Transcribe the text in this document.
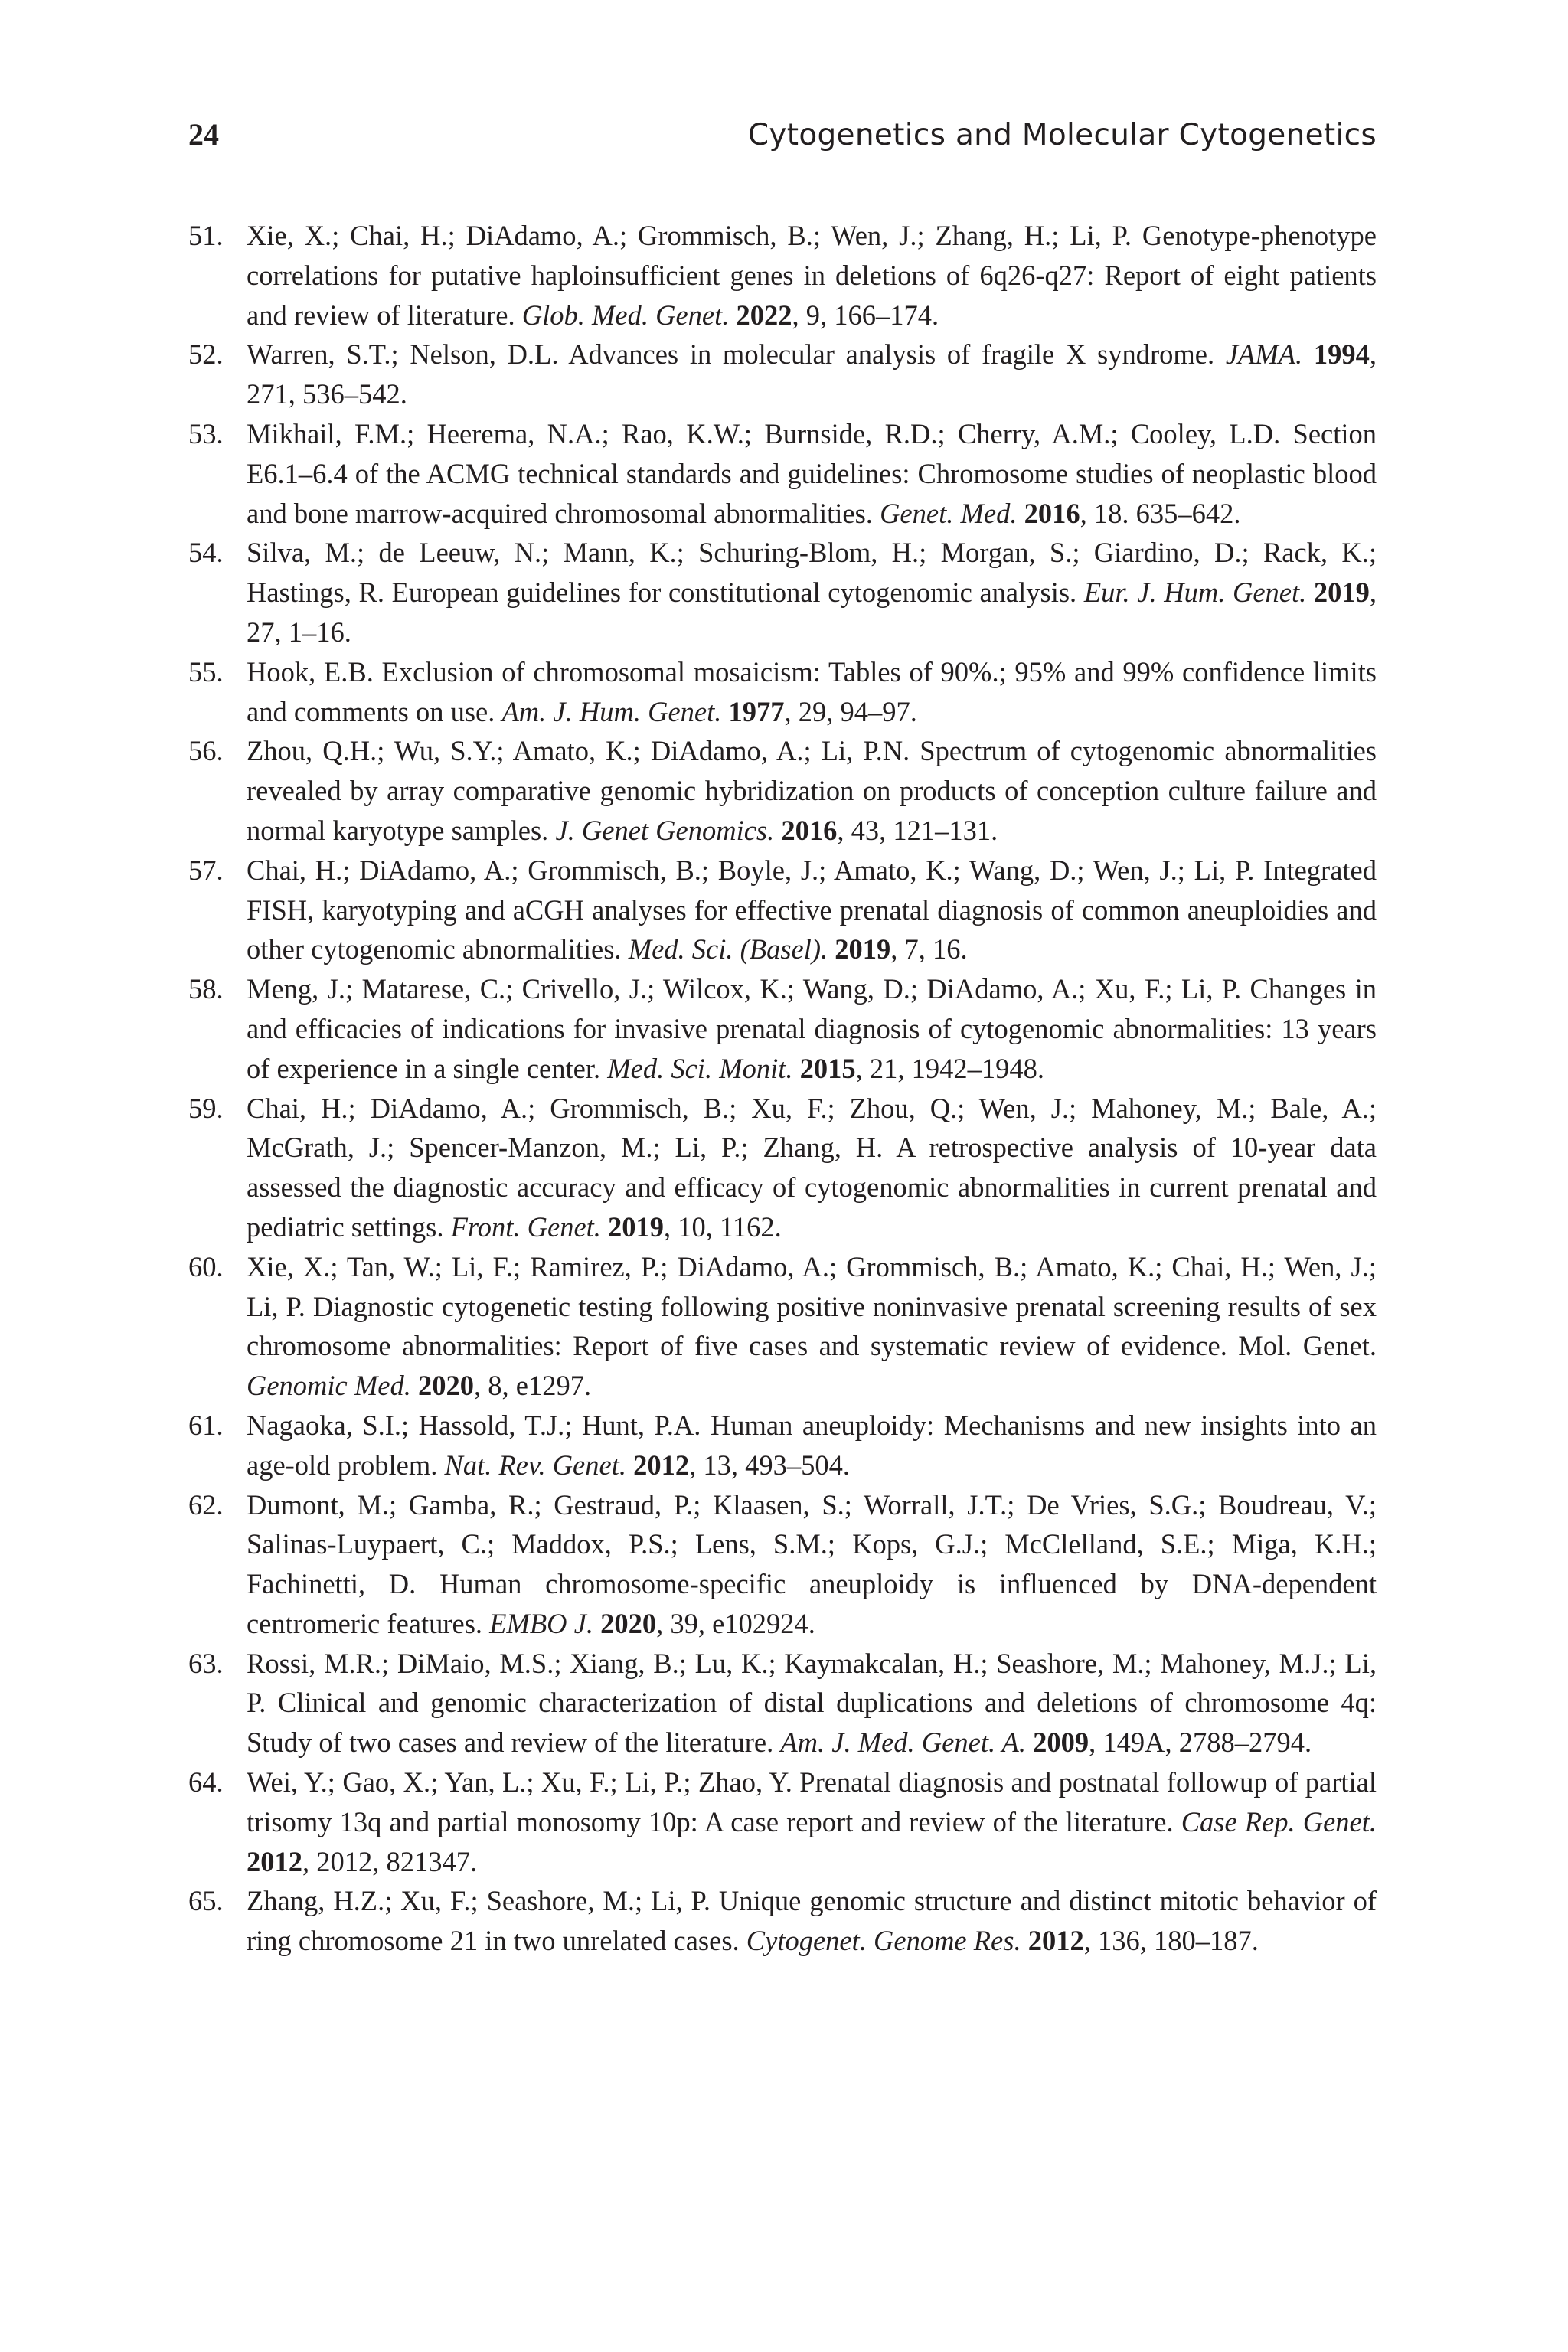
24	Cytogenetics and Molecular Cytogenetics
51. Xie, X.; Chai, H.; DiAdamo, A.; Grommisch, B.; Wen, J.; Zhang, H.; Li, P. Genotype-phenotype correlations for putative haploinsufficient genes in deletions of 6q26-q27: Report of eight patients and review of literature. Glob. Med. Genet. 2022, 9, 166–174.
52. Warren, S.T.; Nelson, D.L. Advances in molecular analysis of fragile X syndrome. JAMA. 1994, 271, 536–542.
53. Mikhail, F.M.; Heerema, N.A.; Rao, K.W.; Burnside, R.D.; Cherry, A.M.; Cooley, L.D. Section E6.1–6.4 of the ACMG technical standards and guidelines: Chromosome studies of neoplastic blood and bone marrow-acquired chromosomal abnormalities. Genet. Med. 2016, 18. 635–642.
54. Silva, M.; de Leeuw, N.; Mann, K.; Schuring-Blom, H.; Morgan, S.; Giardino, D.; Rack, K.; Hastings, R. European guidelines for constitutional cytogenomic analysis. Eur. J. Hum. Genet. 2019, 27, 1–16.
55. Hook, E.B. Exclusion of chromosomal mosaicism: Tables of 90%.; 95% and 99% confidence limits and comments on use. Am. J. Hum. Genet. 1977, 29, 94–97.
56. Zhou, Q.H.; Wu, S.Y.; Amato, K.; DiAdamo, A.; Li, P.N. Spectrum of cytogenomic abnormalities revealed by array comparative genomic hybridization on products of conception culture failure and normal karyotype samples. J. Genet Genomics. 2016, 43, 121–131.
57. Chai, H.; DiAdamo, A.; Grommisch, B.; Boyle, J.; Amato, K.; Wang, D.; Wen, J.; Li, P. Integrated FISH, karyotyping and aCGH analyses for effective prenatal diagnosis of common aneuploidies and other cytogenomic abnormalities. Med. Sci. (Basel). 2019, 7, 16.
58. Meng, J.; Matarese, C.; Crivello, J.; Wilcox, K.; Wang, D.; DiAdamo, A.; Xu, F.; Li, P. Changes in and efficacies of indications for invasive prenatal diagnosis of cytogenomic abnormalities: 13 years of experience in a single center. Med. Sci. Monit. 2015, 21, 1942–1948.
59. Chai, H.; DiAdamo, A.; Grommisch, B.; Xu, F.; Zhou, Q.; Wen, J.; Mahoney, M.; Bale, A.; McGrath, J.; Spencer-Manzon, M.; Li, P.; Zhang, H. A retrospective analysis of 10-year data assessed the diagnostic accuracy and efficacy of cytogenomic abnormalities in current prenatal and pediatric settings. Front. Genet. 2019, 10, 1162.
60. Xie, X.; Tan, W.; Li, F.; Ramirez, P.; DiAdamo, A.; Grommisch, B.; Amato, K.; Chai, H.; Wen, J.; Li, P. Diagnostic cytogenetic testing following positive noninvasive prenatal screening results of sex chromosome abnormalities: Report of five cases and systematic review of evidence. Mol. Genet. Genomic Med. 2020, 8, e1297.
61. Nagaoka, S.I.; Hassold, T.J.; Hunt, P.A. Human aneuploidy: Mechanisms and new insights into an age-old problem. Nat. Rev. Genet. 2012, 13, 493–504.
62. Dumont, M.; Gamba, R.; Gestraud, P.; Klaasen, S.; Worrall, J.T.; De Vries, S.G.; Boudreau, V.; Salinas-Luypaert, C.; Maddox, P.S.; Lens, S.M.; Kops, G.J.; McClelland, S.E.; Miga, K.H.; Fachinetti, D. Human chromosome-specific aneuploidy is influenced by DNA-dependent centromeric features. EMBO J. 2020, 39, e102924.
63. Rossi, M.R.; DiMaio, M.S.; Xiang, B.; Lu, K.; Kaymakcalan, H.; Seashore, M.; Mahoney, M.J.; Li, P. Clinical and genomic characterization of distal duplications and deletions of chromosome 4q: Study of two cases and review of the literature. Am. J. Med. Genet. A. 2009, 149A, 2788–2794.
64. Wei, Y.; Gao, X.; Yan, L.; Xu, F.; Li, P.; Zhao, Y. Prenatal diagnosis and postnatal followup of partial trisomy 13q and partial monosomy 10p: A case report and review of the literature. Case Rep. Genet. 2012, 2012, 821347.
65. Zhang, H.Z.; Xu, F.; Seashore, M.; Li, P. Unique genomic structure and distinct mitotic behavior of ring chromosome 21 in two unrelated cases. Cytogenet. Genome Res. 2012, 136, 180–187.
